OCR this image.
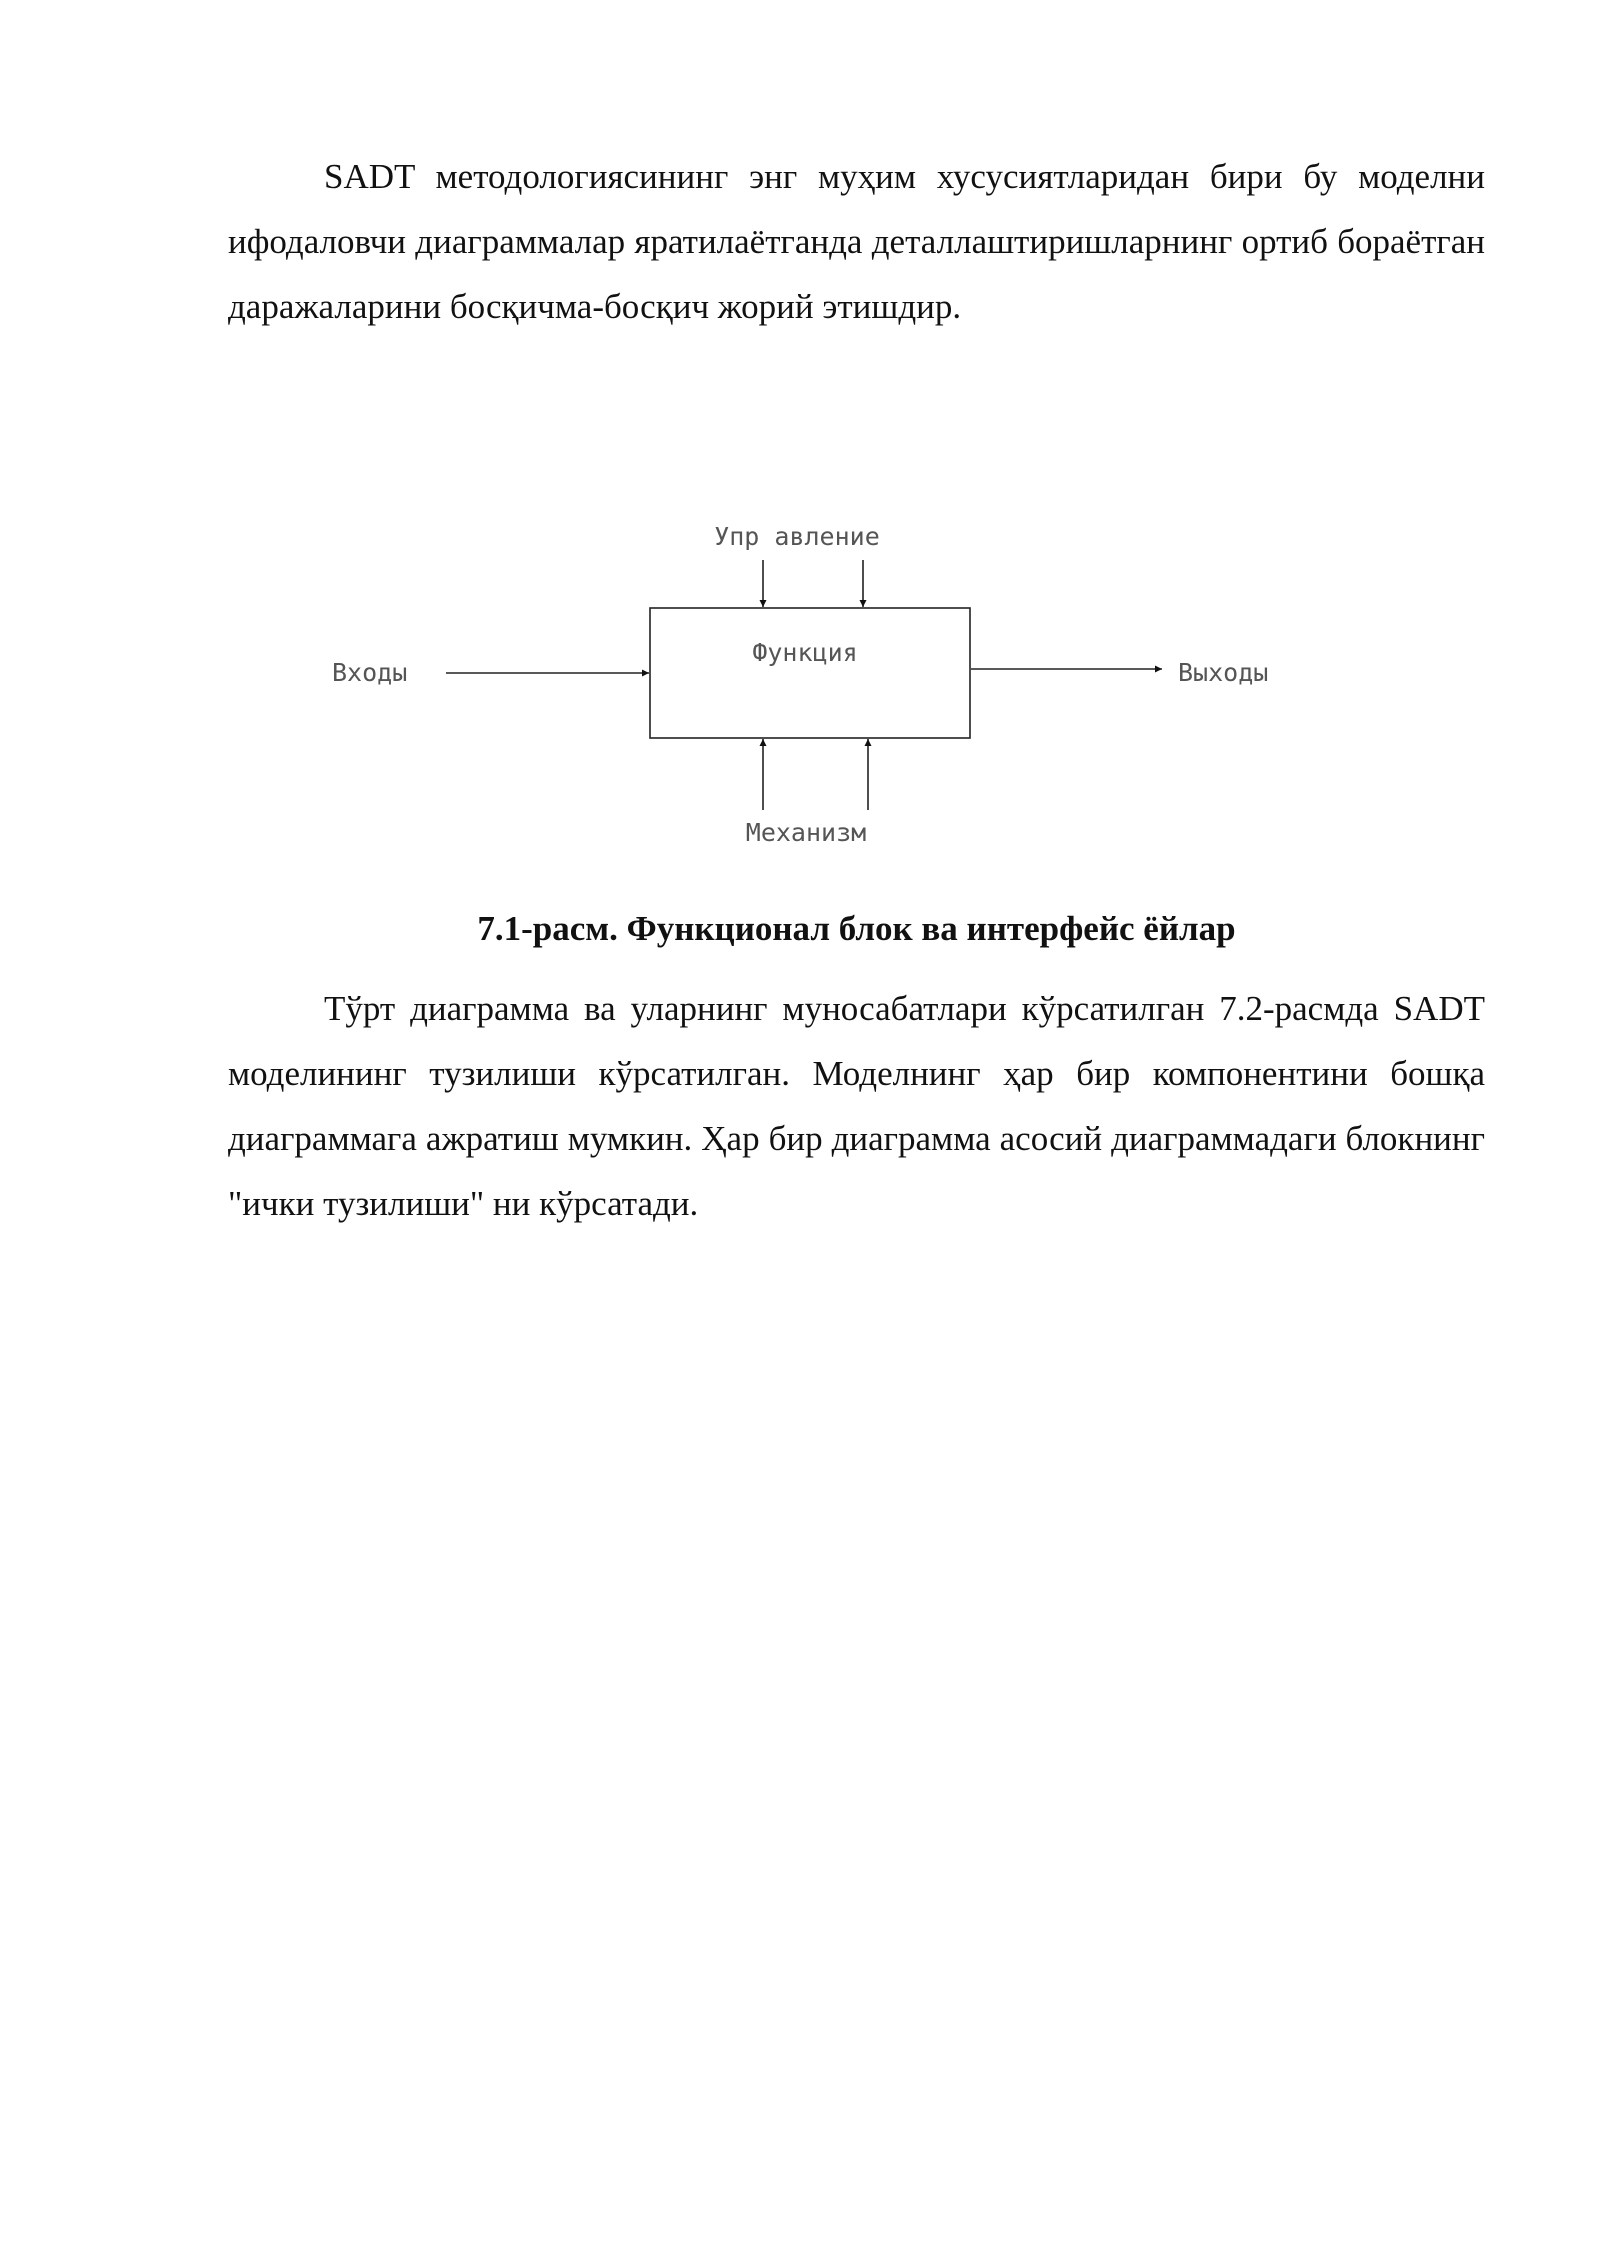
SADT методологиясининг энг муҳим хусусиятларидан бири бу моделни ифодаловчи диаграммалар яратилаётганда деталлаштиришларнинг ортиб бораётган даражаларини босқичма-босқич жорий этишдир.

Функция
Упр авление
Входы	Выходы
Механизм

7.1-расм. Функционал блок ва интерфейс ёйлар

Тўрт диаграмма ва уларнинг муносабатлари кўрсатилган 7.2-расмда SADT моделининг тузилиши кўрсатилган. Моделнинг ҳар бир компонентини бошқа диаграммага ажратиш мумкин. Ҳар бир диаграмма асосий диаграммадаги блокнинг "ички тузилиши" ни кўрсатади.
